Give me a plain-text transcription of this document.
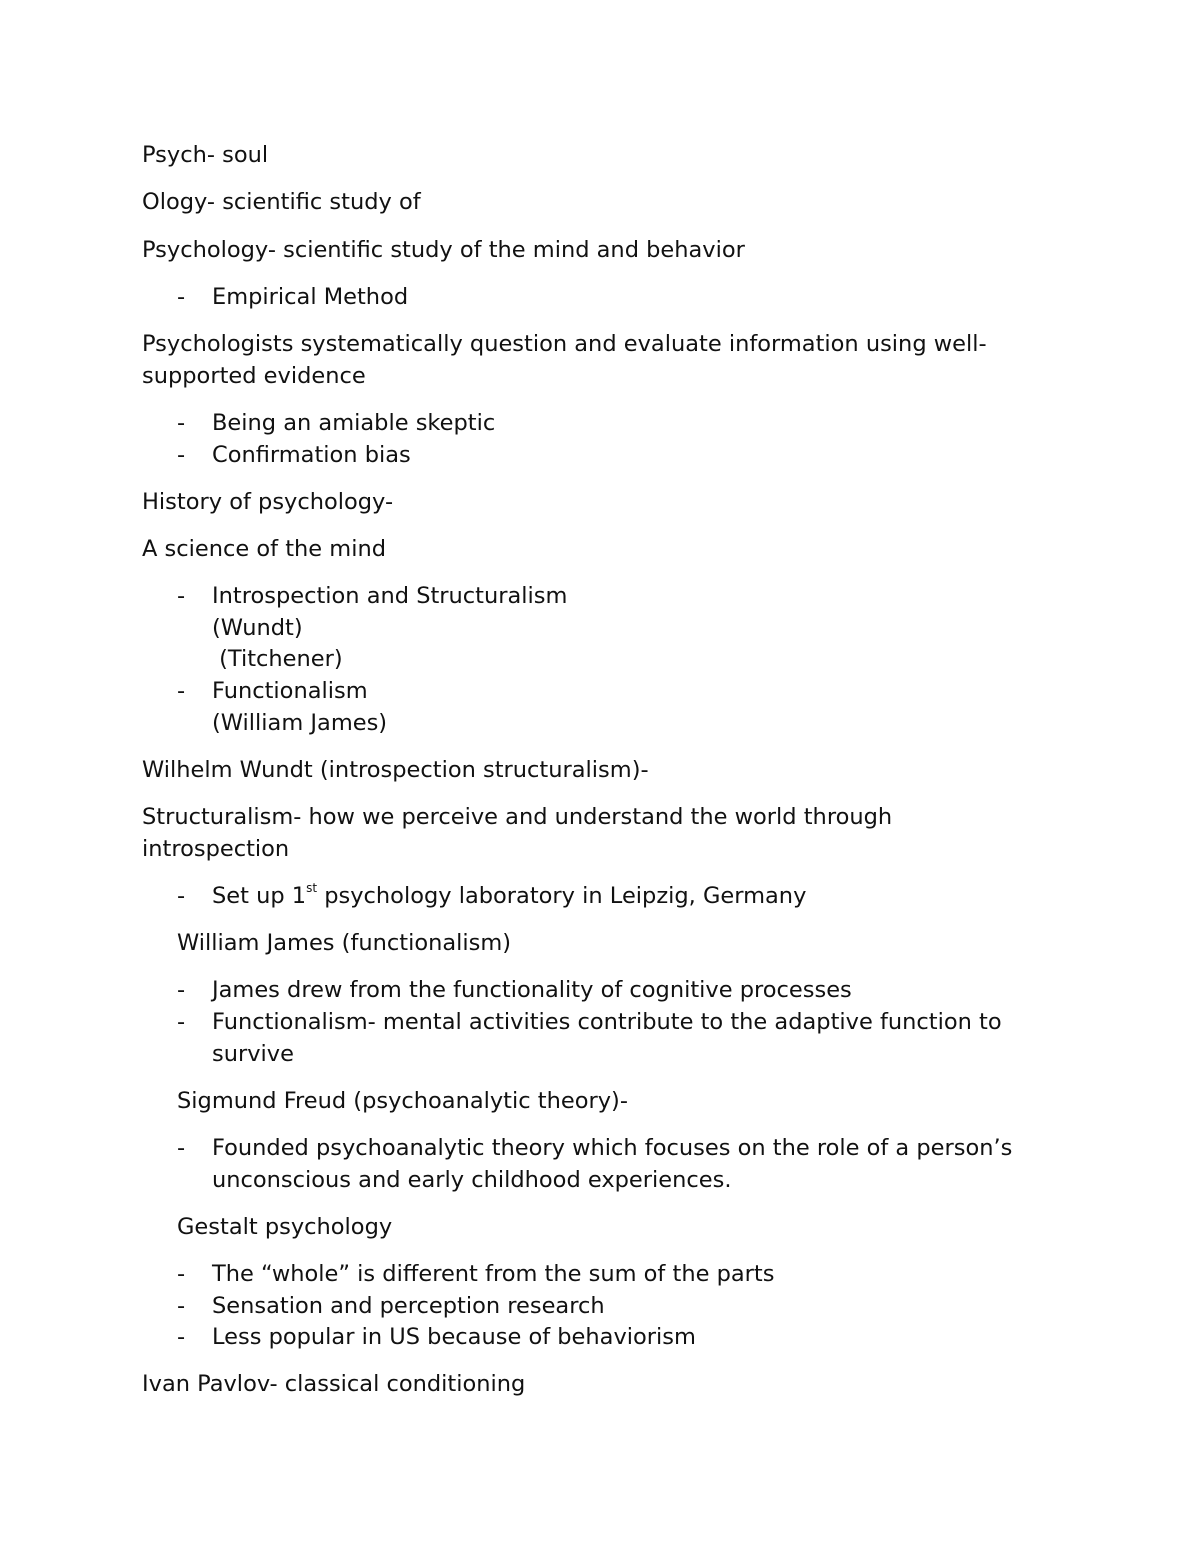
Psych- soul

Ology- scientific study of

Psychology- scientific study of the mind and behavior

-	Empirical Method

Psychologists systematically question and evaluate information using well-

supported evidence

-	Being an amiable skeptic

-	Confirmation bias

History of psychology-

A science of the mind

-	Introspection and Structuralism

(Wundt)

(Titchener)

-	Functionalism

(William James)

Wilhelm Wundt (introspection structuralism)-

Structuralism- how we perceive and understand the world through

introspection

-	Set up 1st psychology laboratory in Leipzig, Germany

William James (functionalism)

-	James drew from the functionality of cognitive processes

-	Functionalism- mental activities contribute to the adaptive function to

survive

Sigmund Freud (psychoanalytic theory)-

-	Founded psychoanalytic theory which focuses on the role of a person’s

unconscious and early childhood experiences.

Gestalt psychology

-	The “whole” is different from the sum of the parts

-	Sensation and perception research

-	Less popular in US because of behaviorism

Ivan Pavlov- classical conditioning
